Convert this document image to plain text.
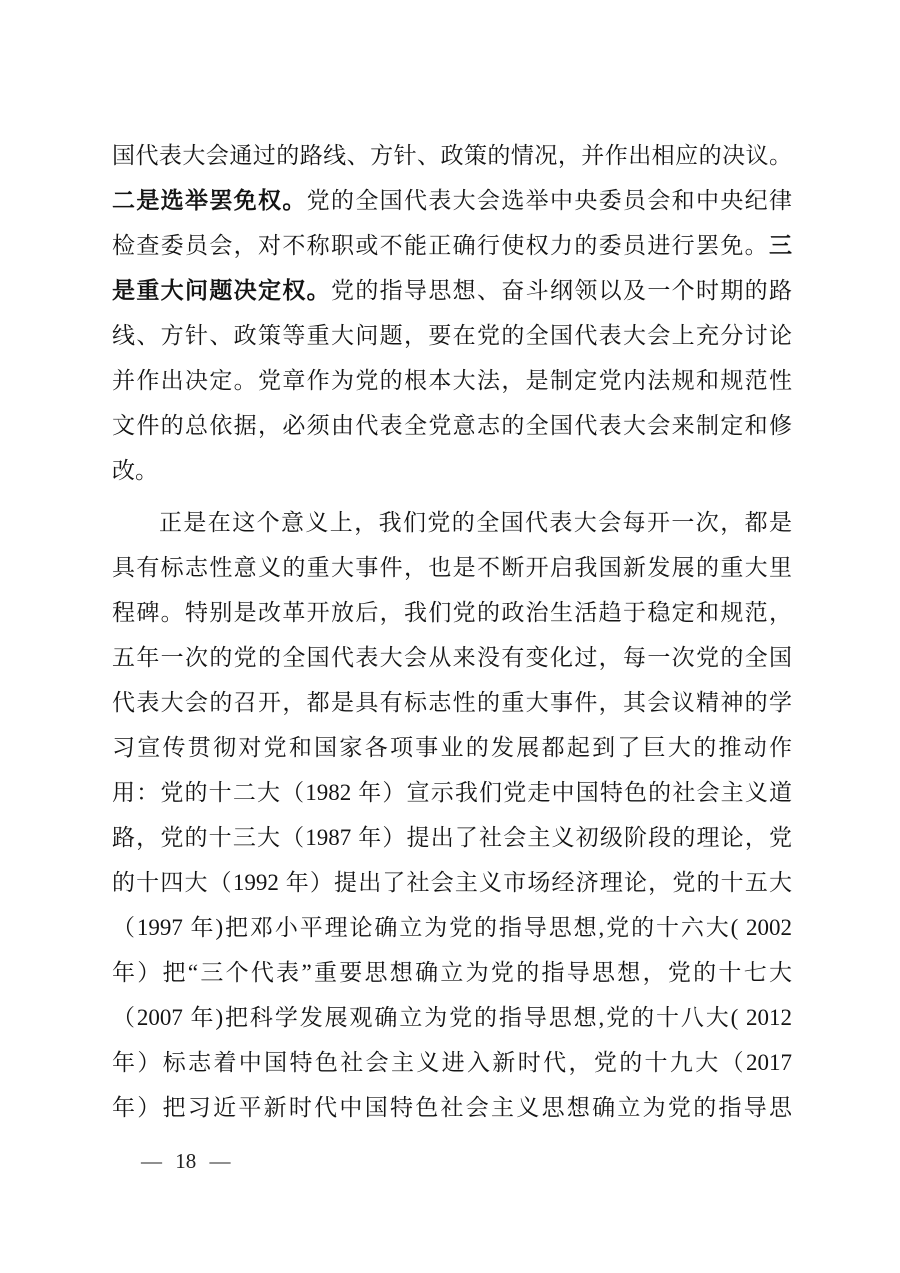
国代表大会通过的路线、方针、政策的情况，并作出相应的决议。
二是选举罢免权。党的全国代表大会选举中央委员会和中央纪律
检查委员会，对不称职或不能正确行使权力的委员进行罢免。三
是重大问题决定权。党的指导思想、奋斗纲领以及一个时期的路
线、方针、政策等重大问题，要在党的全国代表大会上充分讨论
并作出决定。党章作为党的根本大法，是制定党内法规和规范性
文件的总依据，必须由代表全党意志的全国代表大会来制定和修
改。
正是在这个意义上，我们党的全国代表大会每开一次，都是
具有标志性意义的重大事件，也是不断开启我国新发展的重大里
程碑。特别是改革开放后，我们党的政治生活趋于稳定和规范，
五年一次的党的全国代表大会从来没有变化过，每一次党的全国
代表大会的召开，都是具有标志性的重大事件，其会议精神的学
习宣传贯彻对党和国家各项事业的发展都起到了巨大的推动作
用：党的十二大（1982 年）宣示我们党走中国特色的社会主义道
路，党的十三大（1987 年）提出了社会主义初级阶段的理论，党
的十四大（1992 年）提出了社会主义市场经济理论，党的十五大
（1997 年)把邓小平理论确立为党的指导思想,党的十六大( 2002
年）把“三个代表”重要思想确立为党的指导思想，党的十七大
（2007 年)把科学发展观确立为党的指导思想,党的十八大( 2012
年）标志着中国特色社会主义进入新时代，党的十九大（2017
年）把习近平新时代中国特色社会主义思想确立为党的指导思
— 18 —
